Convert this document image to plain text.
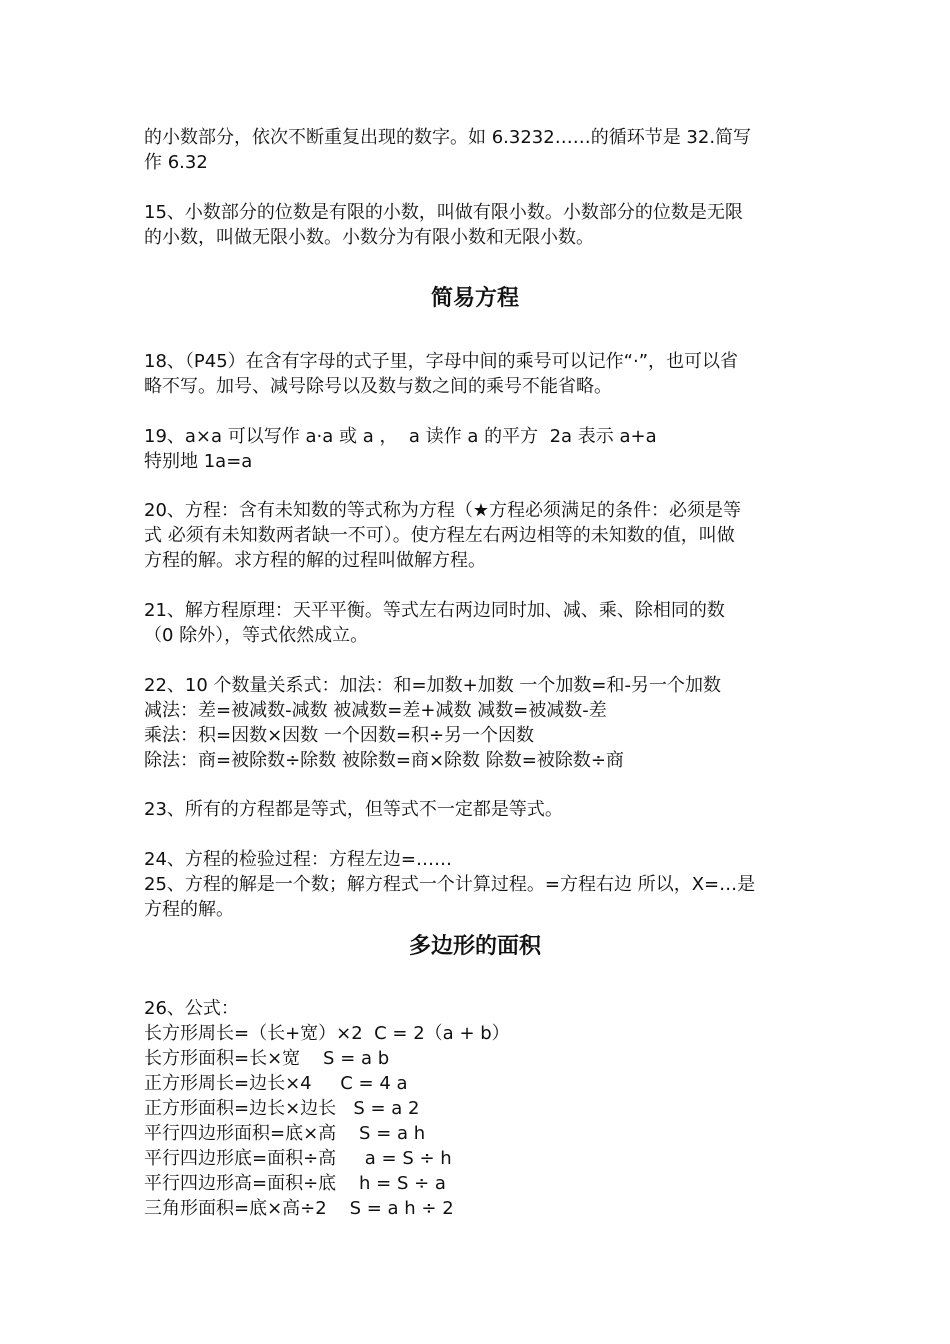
的小数部分，依次不断重复出现的数字。如 6.3232……的循环节是 32.简写
作 6.32
15、小数部分的位数是有限的小数，叫做有限小数。小数部分的位数是无限
的小数，叫做无限小数。小数分为有限小数和无限小数。
简易方程
18、（P45）在含有字母的式子里，字母中间的乘号可以记作“·”，也可以省
略不写。加号、减号除号以及数与数之间的乘号不能省略。
19、a×a 可以写作 a·a 或 a ，  a 读作 a 的平方  2a 表示 a+a
特别地 1a=a
20、方程：含有未知数的等式称为方程（★方程必须满足的条件：必须是等
式 必须有未知数两者缺一不可）。使方程左右两边相等的未知数的值，叫做
方程的解。求方程的解的过程叫做解方程。
21、解方程原理：天平平衡。等式左右两边同时加、减、乘、除相同的数
（0 除外），等式依然成立。
22、10 个数量关系式：加法：和=加数+加数 一个加数=和-另一个加数
减法：差=被减数-减数 被减数=差+减数 减数=被减数-差
乘法：积=因数×因数 一个因数=积÷另一个因数
除法：商=被除数÷除数 被除数=商×除数 除数=被除数÷商
23、所有的方程都是等式，但等式不一定都是等式。
24、方程的检验过程：方程左边=……
25、方程的解是一个数；解方程式一个计算过程。=方程右边 所以，X=…是
方程的解。
多边形的面积
26、公式：
长方形周长=（长+宽）×2  C = 2（a + b）
长方形面积=长×宽    S = a b
正方形周长=边长×4     C = 4 a
正方形面积=边长×边长   S = a 2
平行四边形面积=底×高    S = a h
平行四边形底=面积÷高     a = S ÷ h
平行四边形高=面积÷底    h = S ÷ a
三角形面积=底×高÷2    S = a h ÷ 2
